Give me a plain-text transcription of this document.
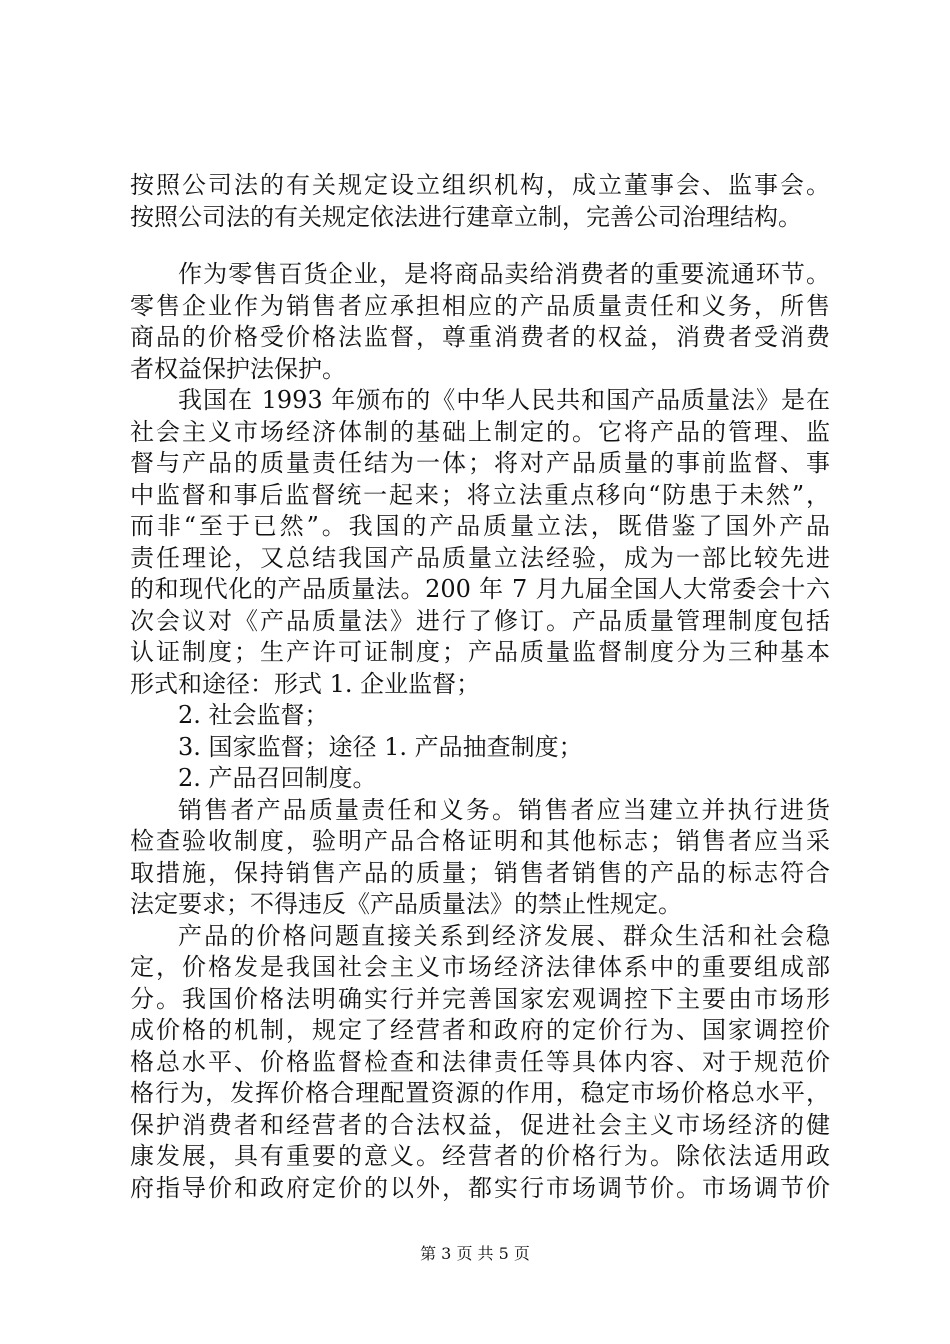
按照公司法的有关规定设立组织机构，成立董事会、监事会。
按照公司法的有关规定依法进行建章立制，完善公司治理结构。
作为零售百货企业，是将商品卖给消费者的重要流通环节。
零售企业作为销售者应承担相应的产品质量责任和义务，所售
商品的价格受价格法监督，尊重消费者的权益，消费者受消费
者权益保护法保护。
我国在 1993 年颁布的《中华人民共和国产品质量法》是在
社会主义市场经济体制的基础上制定的。它将产品的管理、监
督与产品的质量责任结为一体；将对产品质量的事前监督、事
中监督和事后监督统一起来；将立法重点移向“防患于未然”，
而非“至于已然”。我国的产品质量立法，既借鉴了国外产品
责任理论，又总结我国产品质量立法经验，成为一部比较先进
的和现代化的产品质量法。200 年 7 月九届全国人大常委会十六
次会议对《产品质量法》进行了修订。产品质量管理制度包括
认证制度；生产许可证制度；产品质量监督制度分为三种基本
形式和途径：形式 1. 企业监督；
2. 社会监督；
3. 国家监督；途径 1. 产品抽查制度；
2. 产品召回制度。
销售者产品质量责任和义务。销售者应当建立并执行进货
检查验收制度，验明产品合格证明和其他标志；销售者应当采
取措施，保持销售产品的质量；销售者销售的产品的标志符合
法定要求；不得违反《产品质量法》的禁止性规定。
产品的价格问题直接关系到经济发展、群众生活和社会稳
定，价格发是我国社会主义市场经济法律体系中的重要组成部
分。我国价格法明确实行并完善国家宏观调控下主要由市场形
成价格的机制，规定了经营者和政府的定价行为、国家调控价
格总水平、价格监督检查和法律责任等具体内容、对于规范价
格行为，发挥价格合理配置资源的作用，稳定市场价格总水平，
保护消费者和经营者的合法权益，促进社会主义市场经济的健
康发展，具有重要的意义。经营者的价格行为。除依法适用政
府指导价和政府定价的以外，都实行市场调节价。市场调节价
第 3 页 共 5 页
